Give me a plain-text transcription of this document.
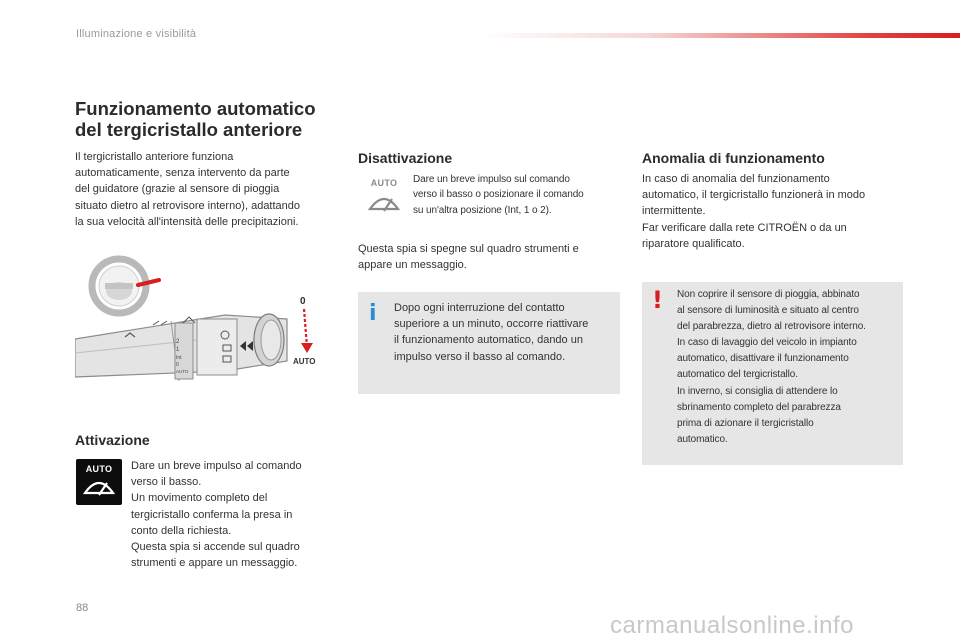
Illuminazione e visibilità
Funzionamento automatico
del tergicristallo anteriore
Il tergicristallo anteriore funziona
automaticamente, senza intervento da parte
del guidatore (grazie al sensore di pioggia
situato dietro al retrovisore interno), adattando
la sua velocità all'intensità delle precipitazioni.
2
1
Int
0
AUTO
0
AUTO
Attivazione
AUTO	Dare un breve impulso al comando
verso il basso.
Un movimento completo del
tergicristallo conferma la presa in
conto della richiesta.
Questa spia si accende sul quadro
strumenti e appare un messaggio.
Disattivazione
AUTO	Dare un breve impulso sul comando
verso il basso o posizionare il comando
su un'altra posizione (Int, 1 o 2).
Questa spia si spegne sul quadro strumenti e
appare un messaggio.
i Dopo ogni interruzione del contatto
superiore a un minuto, occorre riattivare
il funzionamento automatico, dando un
impulso verso il basso al comando.
Anomalia di funzionamento
In caso di anomalia del funzionamento
automatico, il tergicristallo funzionerà in modo
intermittente.
Far verificare dalla rete CITROËN o da un
riparatore qualificato.
! Non coprire il sensore di pioggia, abbinato
al sensore di luminosità e situato al centro
del parabrezza, dietro al retrovisore interno.
In caso di lavaggio del veicolo in impianto
automatico, disattivare il funzionamento
automatico del tergicristallo.
In inverno, si consiglia di attendere lo
sbrinamento completo del parabrezza
prima di azionare il tergicristallo
automatico.
88
carmanualsonline.info
